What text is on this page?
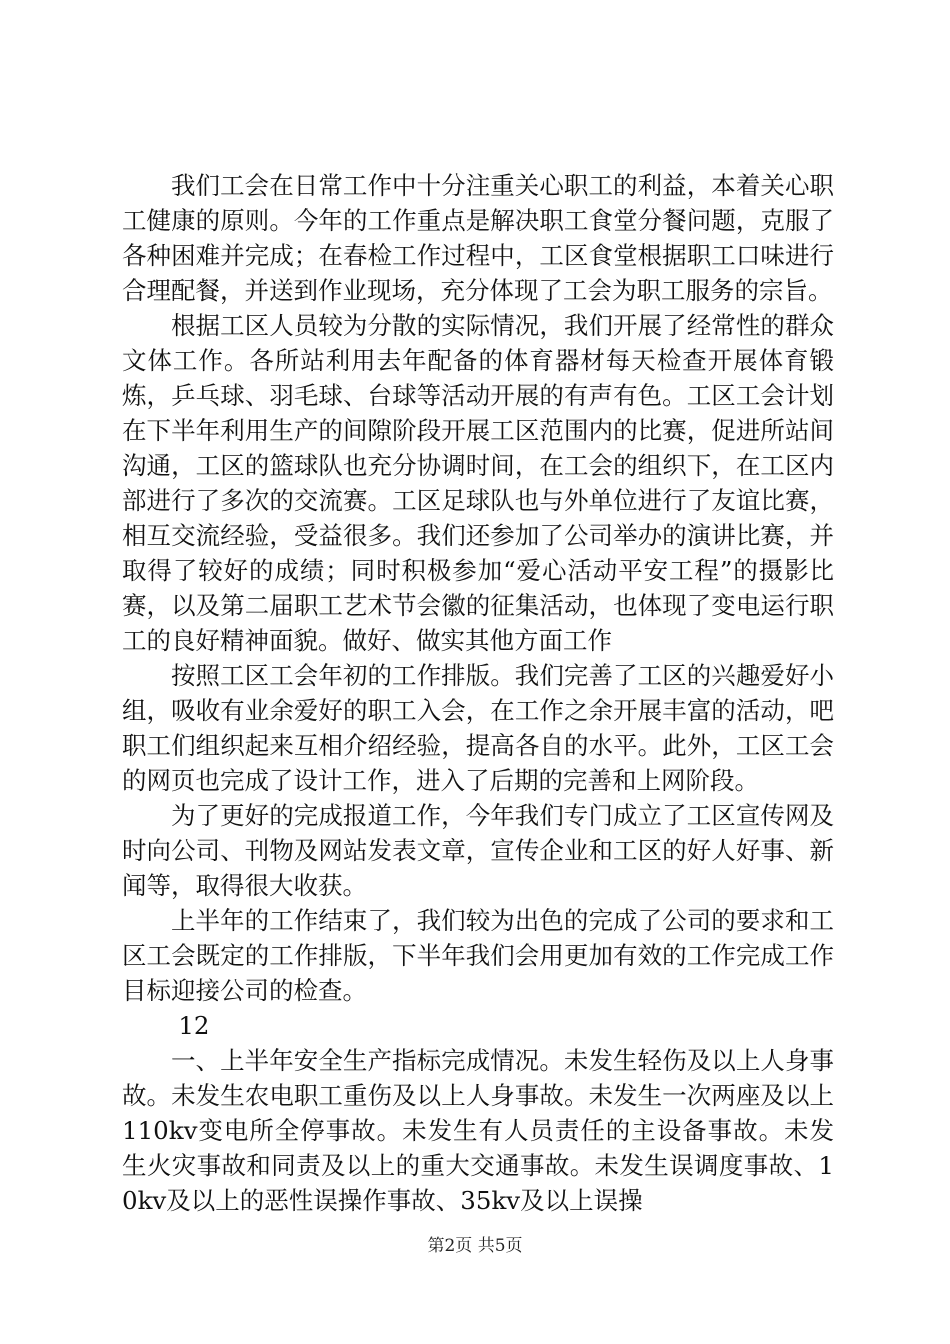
我们工会在日常工作中十分注重关心职工的利益，本着关心职工健康的原则。今年的工作重点是解决职工食堂分餐问题，克服了各种困难并完成；在春检工作过程中，工区食堂根据职工口味进行合理配餐，并送到作业现场，充分体现了工会为职工服务的宗旨。

根据工区人员较为分散的实际情况，我们开展了经常性的群众文体工作。各所站利用去年配备的体育器材每天检查开展体育锻炼，乒乓球、羽毛球、台球等活动开展的有声有色。工区工会计划在下半年利用生产的间隙阶段开展工区范围内的比赛，促进所站间沟通，工区的篮球队也充分协调时间，在工会的组织下，在工区内部进行了多次的交流赛。工区足球队也与外单位进行了友谊比赛，相互交流经验，受益很多。我们还参加了公司举办的演讲比赛，并取得了较好的成绩；同时积极参加“爱心活动平安工程”的摄影比赛，以及第二届职工艺术节会徽的征集活动，也体现了变电运行职工的良好精神面貌。做好、做实其他方面工作

按照工区工会年初的工作排版。我们完善了工区的兴趣爱好小组，吸收有业余爱好的职工入会，在工作之余开展丰富的活动，吧职工们组织起来互相介绍经验，提高各自的水平。此外，工区工会的网页也完成了设计工作，进入了后期的完善和上网阶段。

为了更好的完成报道工作，今年我们专门成立了工区宣传网及时向公司、刊物及网站发表文章，宣传企业和工区的好人好事、新闻等，取得很大收获。

上半年的工作结束了，我们较为出色的完成了公司的要求和工区工会既定的工作排版，下半年我们会用更加有效的工作完成工作目标迎接公司的检查。

12

一、上半年安全生产指标完成情况。未发生轻伤及以上人身事故。未发生农电职工重伤及以上人身事故。未发生一次两座及以上110kv变电所全停事故。未发生有人员责任的主设备事故。未发生火灾事故和同责及以上的重大交通事故。未发生误调度事故、10kv及以上的恶性误操作事故、35kv及以上误操

第2页 共5页
